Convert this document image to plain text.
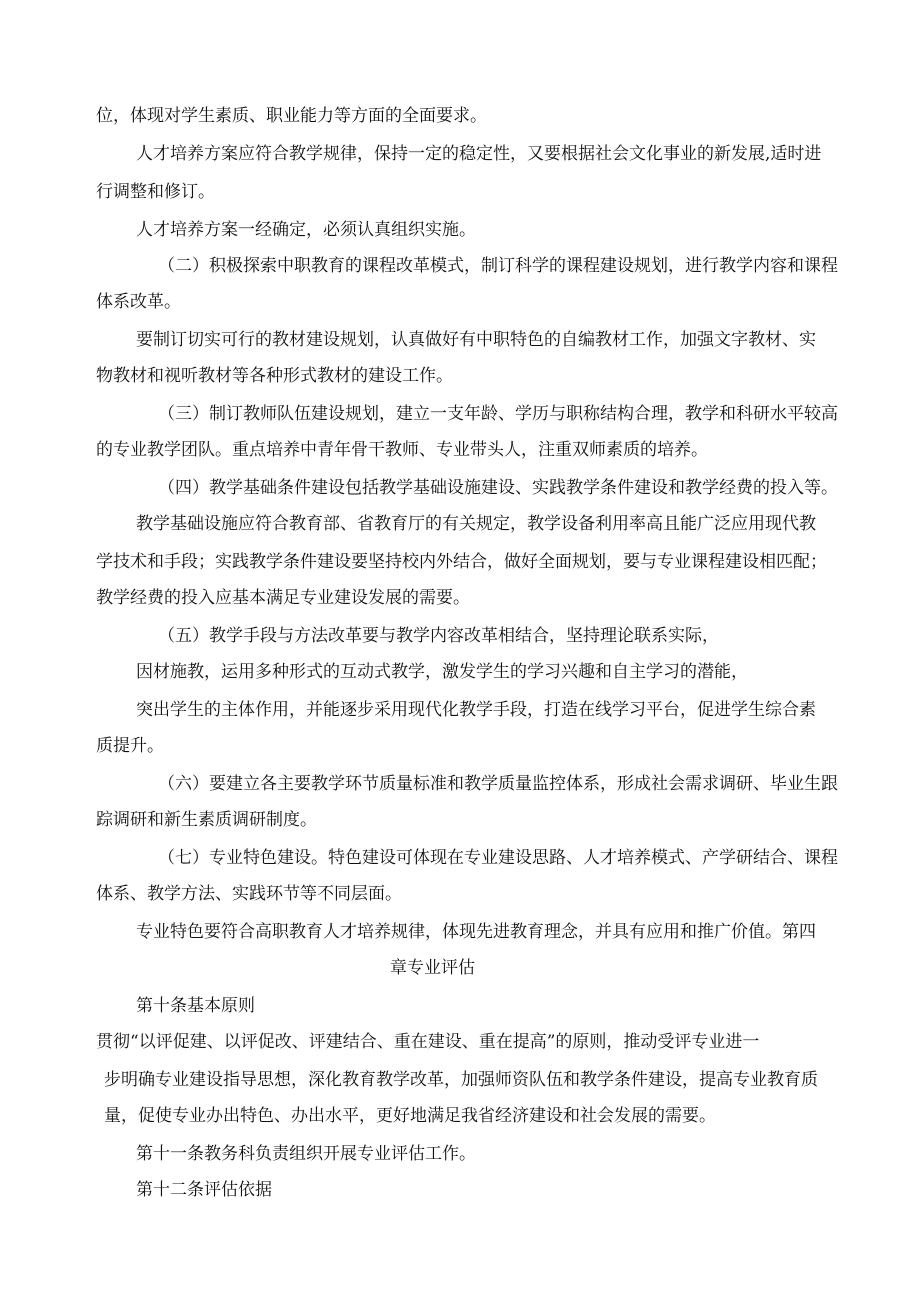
位，体现对学生素质、职业能力等方面的全面要求。
人才培养方案应符合教学规律，保持一定的稳定性，又要根据社会文化事业的新发展,适时进
行调整和修订。
人才培养方案一经确定，必须认真组织实施。
（二）积极探索中职教育的课程改革模式，制订科学的课程建设规划，进行教学内容和课程
体系改革。
要制订切实可行的教材建设规划，认真做好有中职特色的自编教材工作，加强文字教材、实
物教材和视听教材等各种形式教材的建设工作。
（三）制订教师队伍建设规划，建立一支年龄、学历与职称结构合理，教学和科研水平较高
的专业教学团队。重点培养中青年骨干教师、专业带头人，注重双师素质的培养。
（四）教学基础条件建设包括教学基础设施建设、实践教学条件建设和教学经费的投入等。
教学基础设施应符合教育部、省教育厅的有关规定，教学设备利用率高且能广泛应用现代教
学技术和手段；实践教学条件建设要坚持校内外结合，做好全面规划，要与专业课程建设相匹配；
教学经费的投入应基本满足专业建设发展的需要。
（五）教学手段与方法改革要与教学内容改革相结合，坚持理论联系实际，
因材施教，运用多种形式的互动式教学，激发学生的学习兴趣和自主学习的潜能，
突出学生的主体作用，并能逐步采用现代化教学手段，打造在线学习平台，促进学生综合素
质提升。
（六）要建立各主要教学环节质量标准和教学质量监控体系，形成社会需求调研、毕业生跟
踪调研和新生素质调研制度。
（七）专业特色建设。特色建设可体现在专业建设思路、人才培养模式、产学研结合、课程
体系、教学方法、实践环节等不同层面。
专业特色要符合高职教育人才培养规律，体现先进教育理念，并具有应用和推广价值。第四
章专业评估
第十条基本原则
贯彻“以评促建、以评促改、评建结合、重在建设、重在提高”的原则，推动受评专业进一
步明确专业建设指导思想，深化教育教学改革，加强师资队伍和教学条件建设，提高专业教育质
量，促使专业办出特色、办出水平，更好地满足我省经济建设和社会发展的需要。
第十一条教务科负责组织开展专业评估工作。
第十二条评估依据
